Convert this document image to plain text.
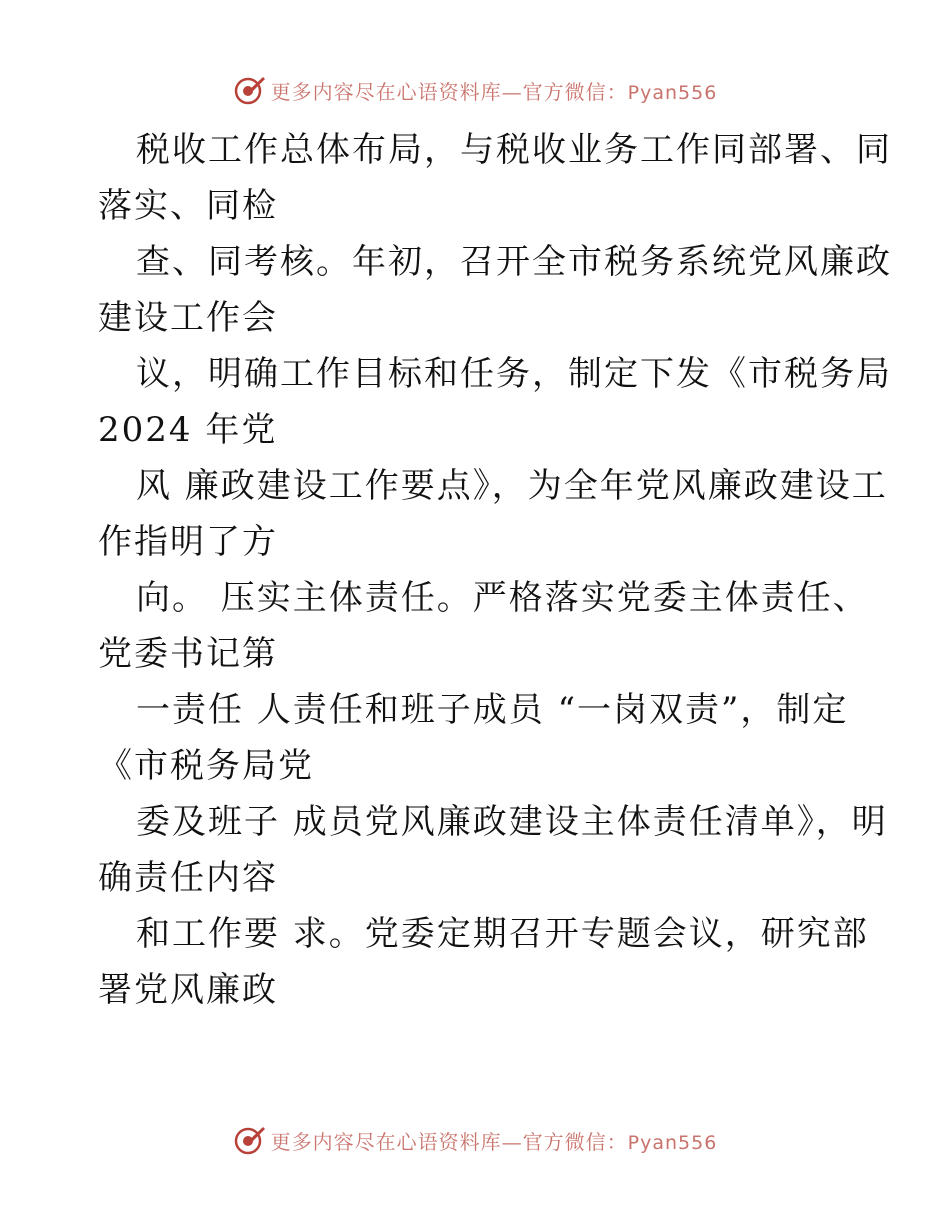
更多内容尽在心语资料库—官方微信：Pyan556
税收工作总体布局，与税收业务工作同部署、同
落实、同检
查、同考核。年初，召开全市税务系统党风廉政
建设工作会
议，明确工作目标和任务，制定下发《市税务局
2024 年党
风 廉政建设工作要点》，为全年党风廉政建设工
作指明了方
向。 压实主体责任。严格落实党委主体责任、
党委书记第
一责任 人责任和班子成员 “一岗双责”，制定
《市税务局党
委及班子 成员党风廉政建设主体责任清单》，明
确责任内容
和工作要 求。党委定期召开专题会议，研究部
署党风廉政
更多内容尽在心语资料库—官方微信：Pyan556
